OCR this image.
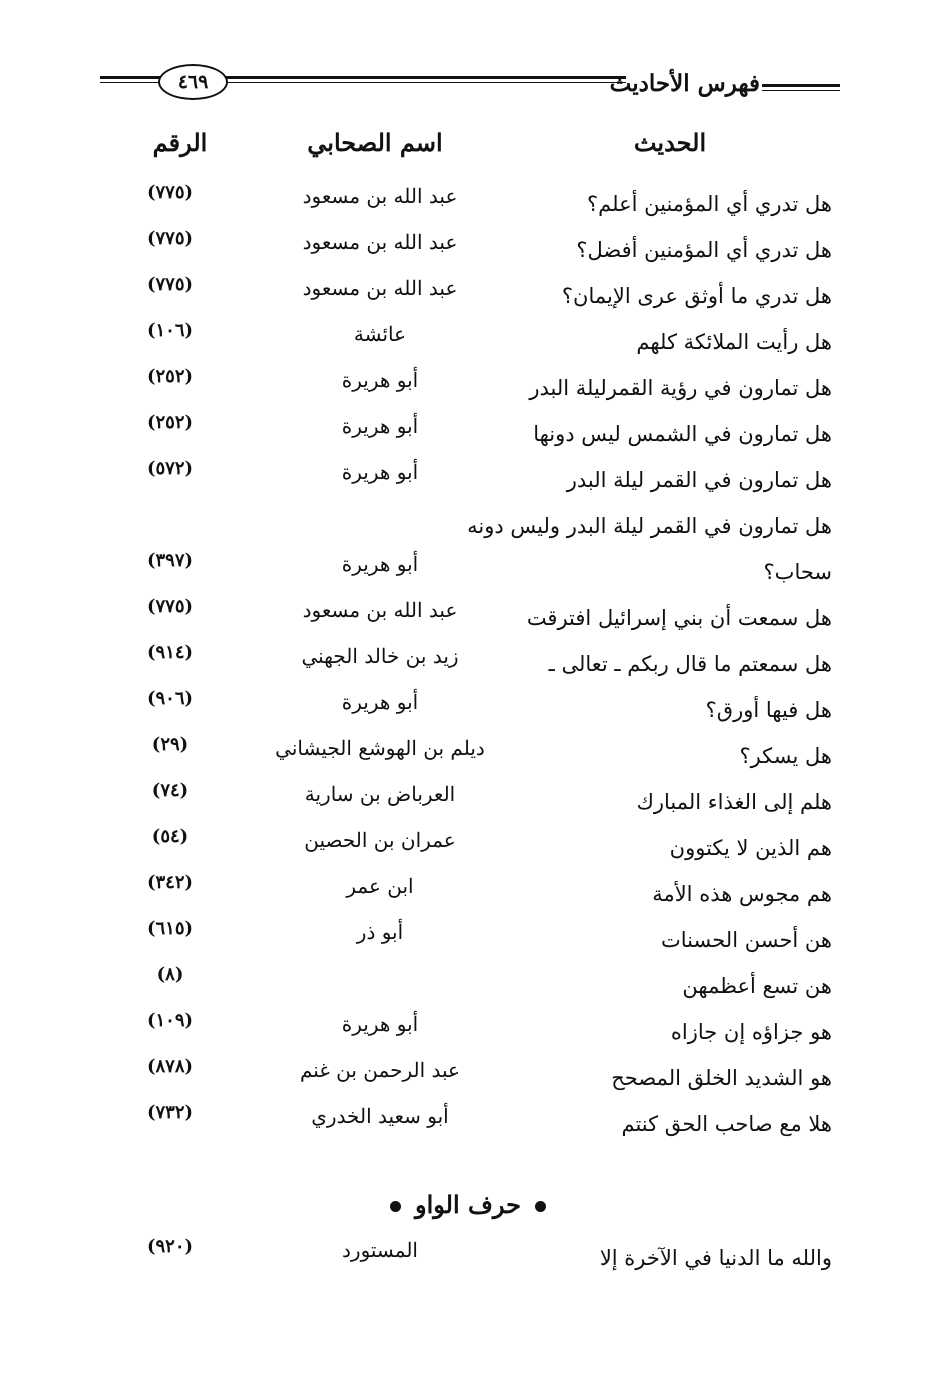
٤٦٩	فهرس الأحاديث
الحديث
اسم الصحابي
الرقم
هل تدري أي المؤمنين أعلم؟
عبد الله بن مسعود
(٧٧٥)
هل تدري أي المؤمنين أفضل؟
عبد الله بن مسعود
(٧٧٥)
هل تدري ما أوثق عرى الإيمان؟
عبد الله بن مسعود
(٧٧٥)
هل رأيت الملائكة كلهم
عائشة
(١٠٦)
هل تمارون في رؤية القمرليلة البدر
أبو هريرة
(٢٥٢)
هل تمارون في الشمس ليس دونها
أبو هريرة
(٢٥٢)
هل تمارون في القمر ليلة البدر
أبو هريرة
(٥٧٢)
هل تمارون في القمر ليلة البدر وليس دونه
سحاب؟
أبو هريرة
(٣٩٧)
هل سمعت أن بني إسرائيل افترقت
عبد الله بن مسعود
(٧٧٥)
هل سمعتم ما قال ربكم ـ تعالى ـ
زيد بن خالد الجهني
(٩١٤)
هل فيها أورق؟
أبو هريرة
(٩٠٦)
هل يسكر؟
ديلم بن الهوشع الجيشاني
(٢٩)
هلم إلى الغذاء المبارك
العرباض بن سارية
(٧٤)
هم الذين لا يكتوون
عمران بن الحصين
(٥٤)
هم مجوس هذه الأمة
ابن عمر
(٣٤٢)
هن أحسن الحسنات
أبو ذر
(٦١٥)
هن تسع أعظمهن
(٨)
هو جزاؤه إن جازاه
أبو هريرة
(١٠٩)
هو الشديد الخلق المصحح
عبد الرحمن بن غنم
(٨٧٨)
هلا مع صاحب الحق كنتم
أبو سعيد الخدري
(٧٣٢)
حرف الواو
والله ما الدنيا في الآخرة إلا
المستورد
(٩٢٠)
